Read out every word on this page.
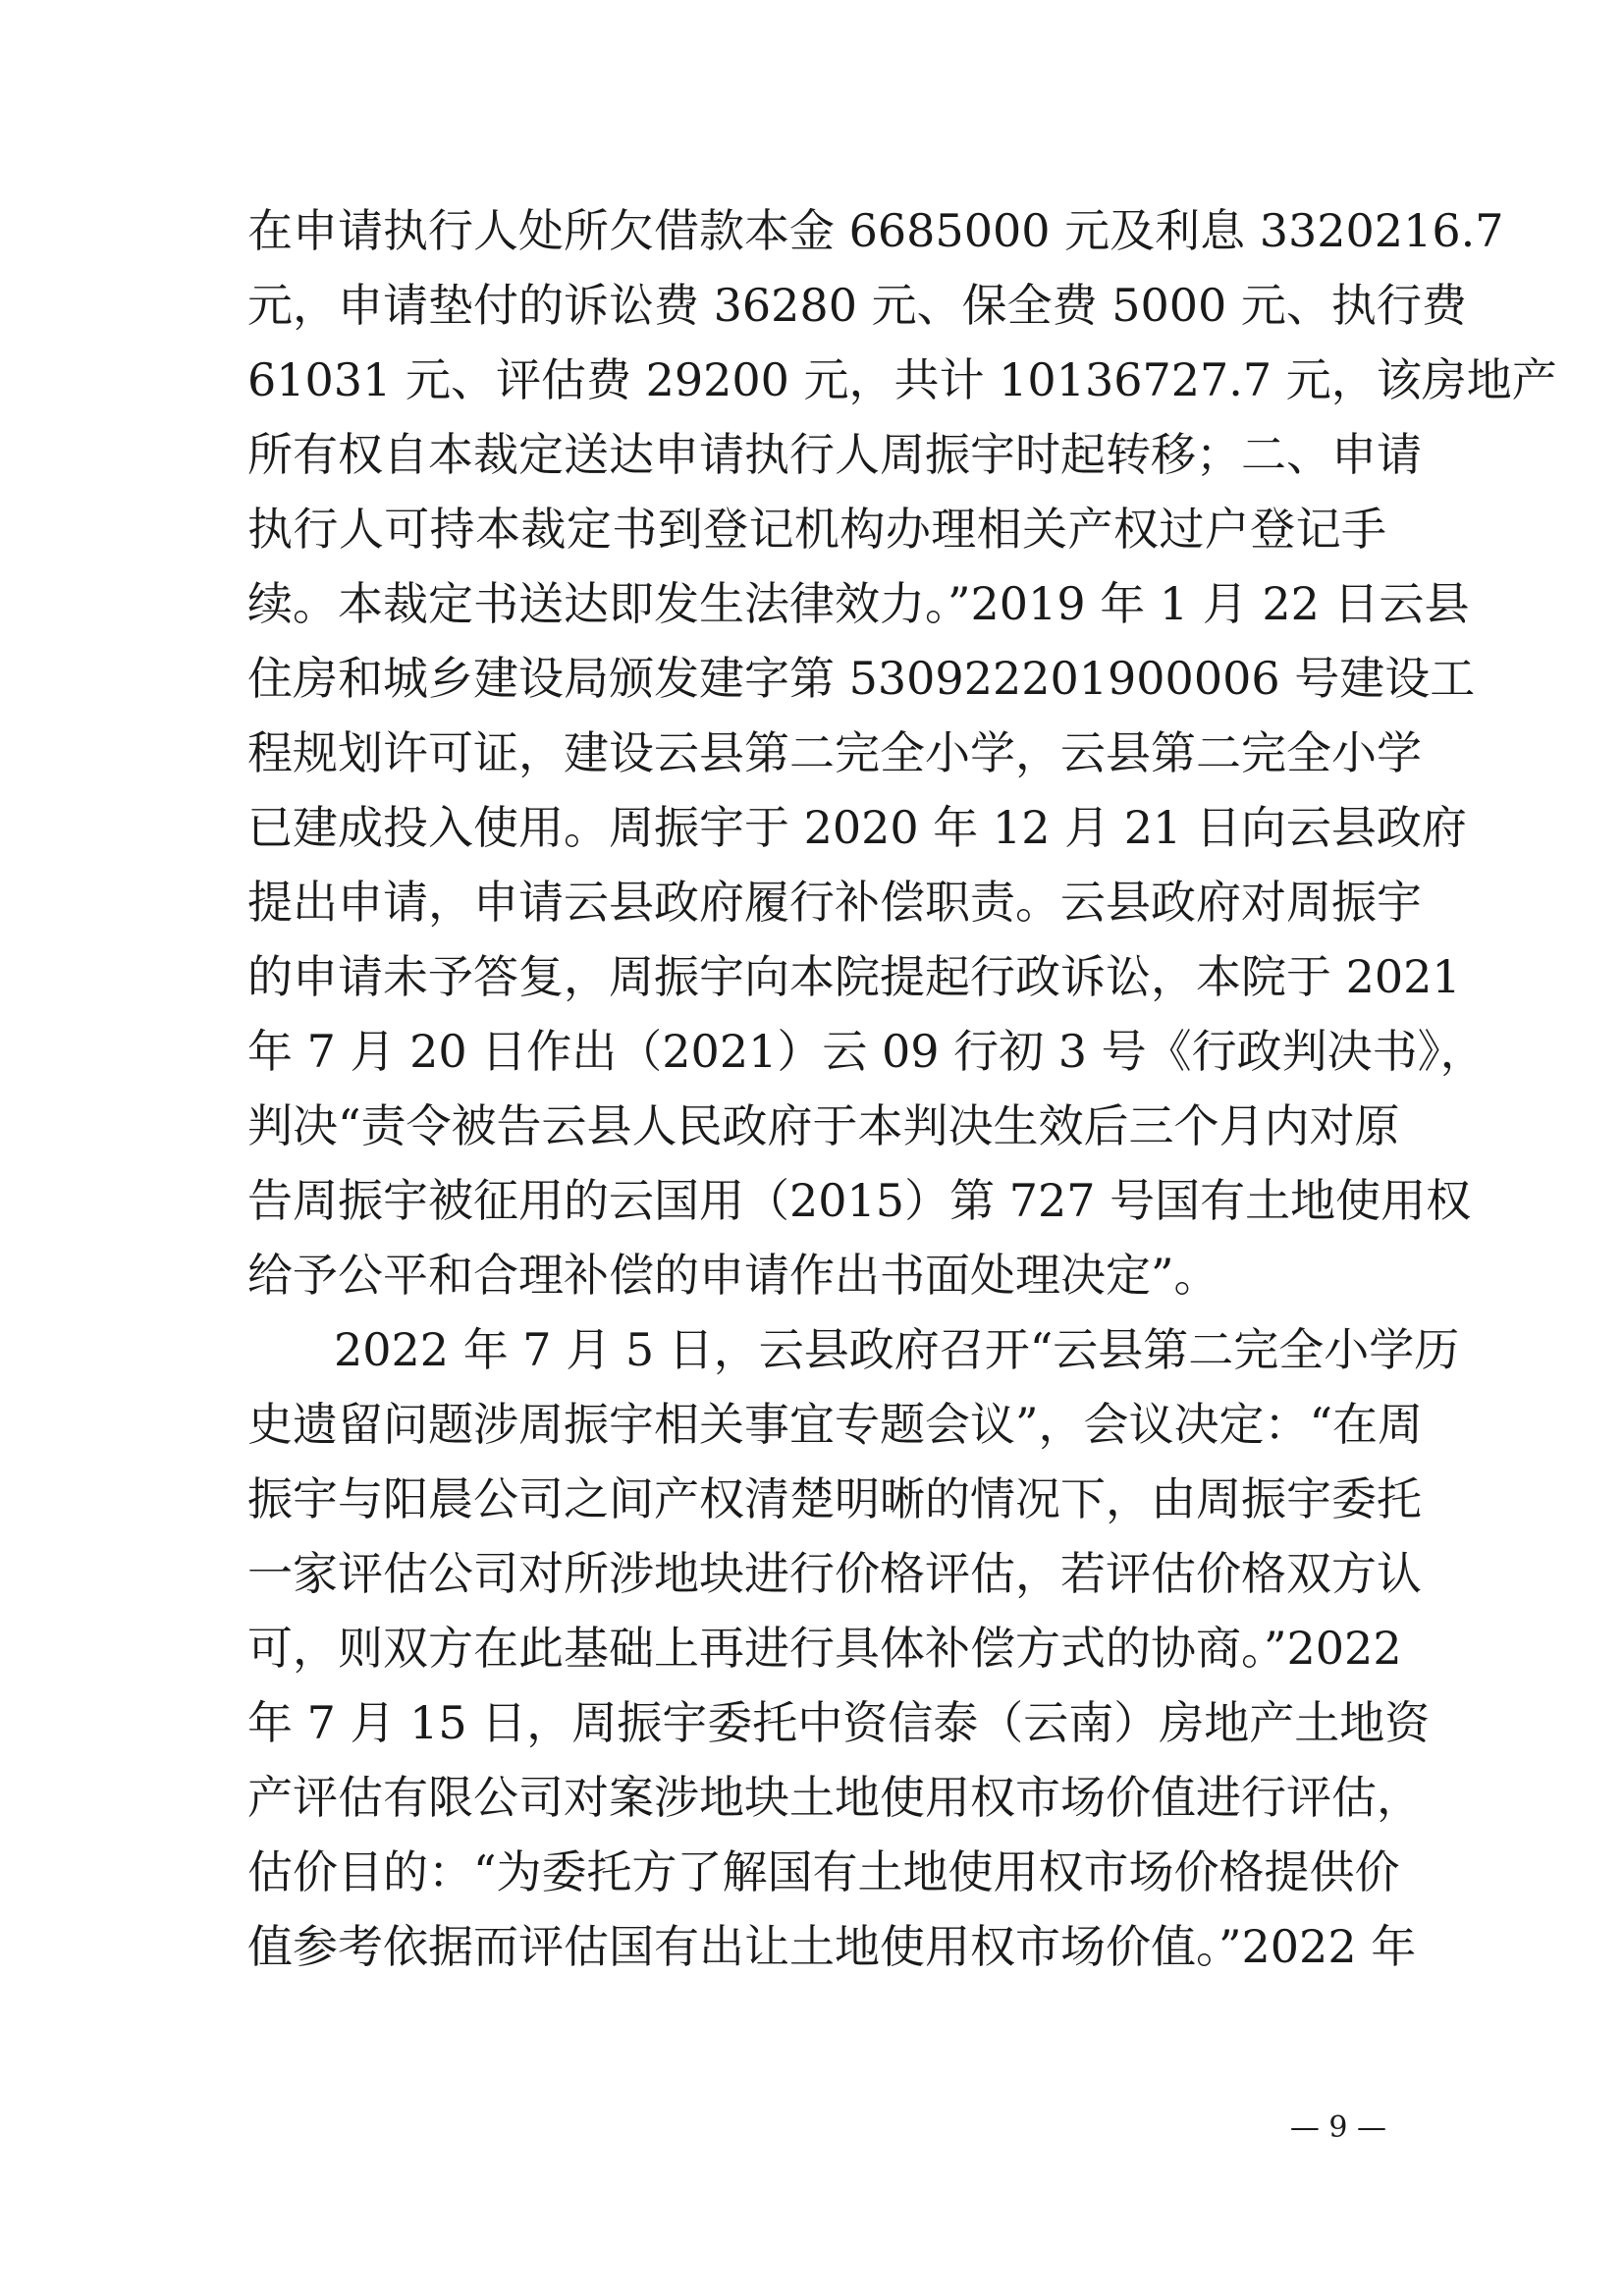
在申请执行人处所欠借款本金 6685000 元及利息 3320216.7
元，申请垫付的诉讼费 36280 元、保全费 5000 元、执行费
61031 元、评估费 29200 元，共计 10136727.7 元，该房地产
所有权自本裁定送达申请执行人周振宇时起转移；二、申请
执行人可持本裁定书到登记机构办理相关产权过户登记手
续。本裁定书送达即发生法律效力。”2019 年 1 月 22 日云县
住房和城乡建设局颁发建字第 530922201900006 号建设工
程规划许可证，建设云县第二完全小学，云县第二完全小学
已建成投入使用。周振宇于 2020 年 12 月 21 日向云县政府
提出申请，申请云县政府履行补偿职责。云县政府对周振宇
的申请未予答复，周振宇向本院提起行政诉讼，本院于 2021
年 7 月 20 日作出（2021）云 09 行初 3 号《行政判决书》，
判决“责令被告云县人民政府于本判决生效后三个月内对原
告周振宇被征用的云国用（2015）第 727 号国有土地使用权
给予公平和合理补偿的申请作出书面处理决定”。
2022 年 7 月 5 日，云县政府召开“云县第二完全小学历
史遗留问题涉周振宇相关事宜专题会议”，会议决定：“在周
振宇与阳晨公司之间产权清楚明晰的情况下，由周振宇委托
一家评估公司对所涉地块进行价格评估，若评估价格双方认
可，则双方在此基础上再进行具体补偿方式的协商。”2022
年 7 月 15 日，周振宇委托中资信泰（云南）房地产土地资
产评估有限公司对案涉地块土地使用权市场价值进行评估，
估价目的：“为委托方了解国有土地使用权市场价格提供价
值参考依据而评估国有出让土地使用权市场价值。”2022 年
— 9 —
